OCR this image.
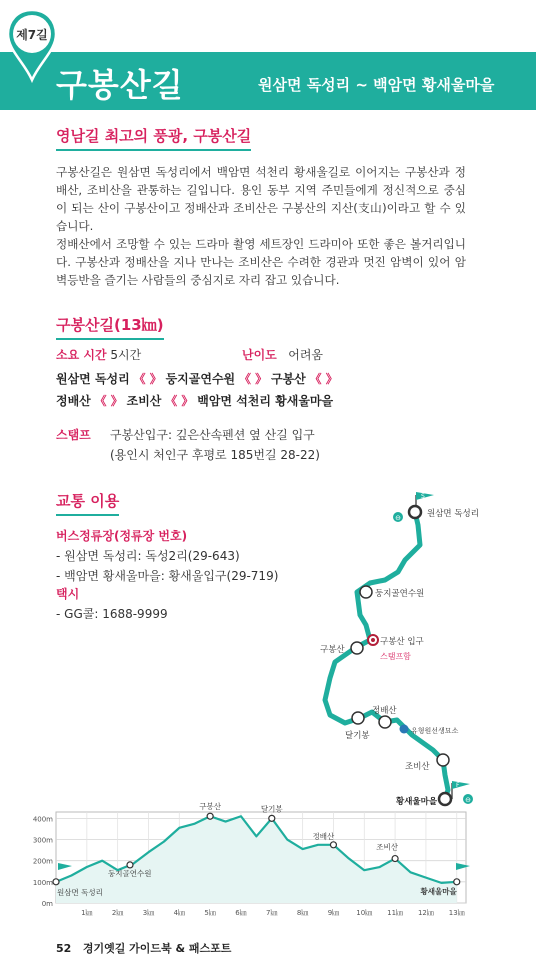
제7길
구봉산길	원삼면 독성리 ~ 백암면 황새울마을
영남길 최고의 풍광, 구봉산길

구봉산길은 원삼면 독성리에서 백암면 석천리 황새울길로 이어지는 구봉산과 정배산, 조비산을 관통하는 길입니다. 용인 동부 지역 주민들에게 정신적으로 중심이 되는 산이 구봉산이고 정배산과 조비산은 구봉산의 지산(支山)이라고 할 수 있습니다.

정배산에서 조망할 수 있는 드라마 촬영 세트장인 드라미아 또한 좋은 볼거리입니다. 구봉산과 정배산을 지나 만나는 조비산은 수려한 경관과 멋진 암벽이 있어 암벽등반을 즐기는 사람들의 중심지로 자리 잡고 있습니다.

구봉산길(13㎞)
소요 시간 5시간	난이도 어려움
원삼면 독성리 《 》 둥지골연수원 《 》 구봉산 《 》
정배산 《 》 조비산 《 》 백암면 석천리 황새울마을
스탬프 구봉산입구: 깊은산속펜션 옆 산길 입구
(용인시 처인구 후평로 185번길 28-22)
교통 이용
버스정류장(정류장 번호)
- 원삼면 독성리: 독성2리(29-643)
- 백암면 황새울마을: 황새울입구(29-719)
택시
- GG콜: 1688-9999
S
원삼면 독성리
⊖
둥지골연수원
구봉산 입구
스탬프함
구봉산
달기봉
정배산
유형원선생묘소
조비산
F
황새울마을	⊖
0m
100m
200m
300m
400m
1㎞	2㎞	3㎞	4㎞	5㎞	6㎞	7㎞	8㎞	9㎞ 10㎞ 11㎞ 12㎞ 13㎞
원삼면 독성리
둥지골연수원
구봉산	달기봉
정배산
조비산
황새울마을
52 경기옛길 가이드북 & 패스포트
